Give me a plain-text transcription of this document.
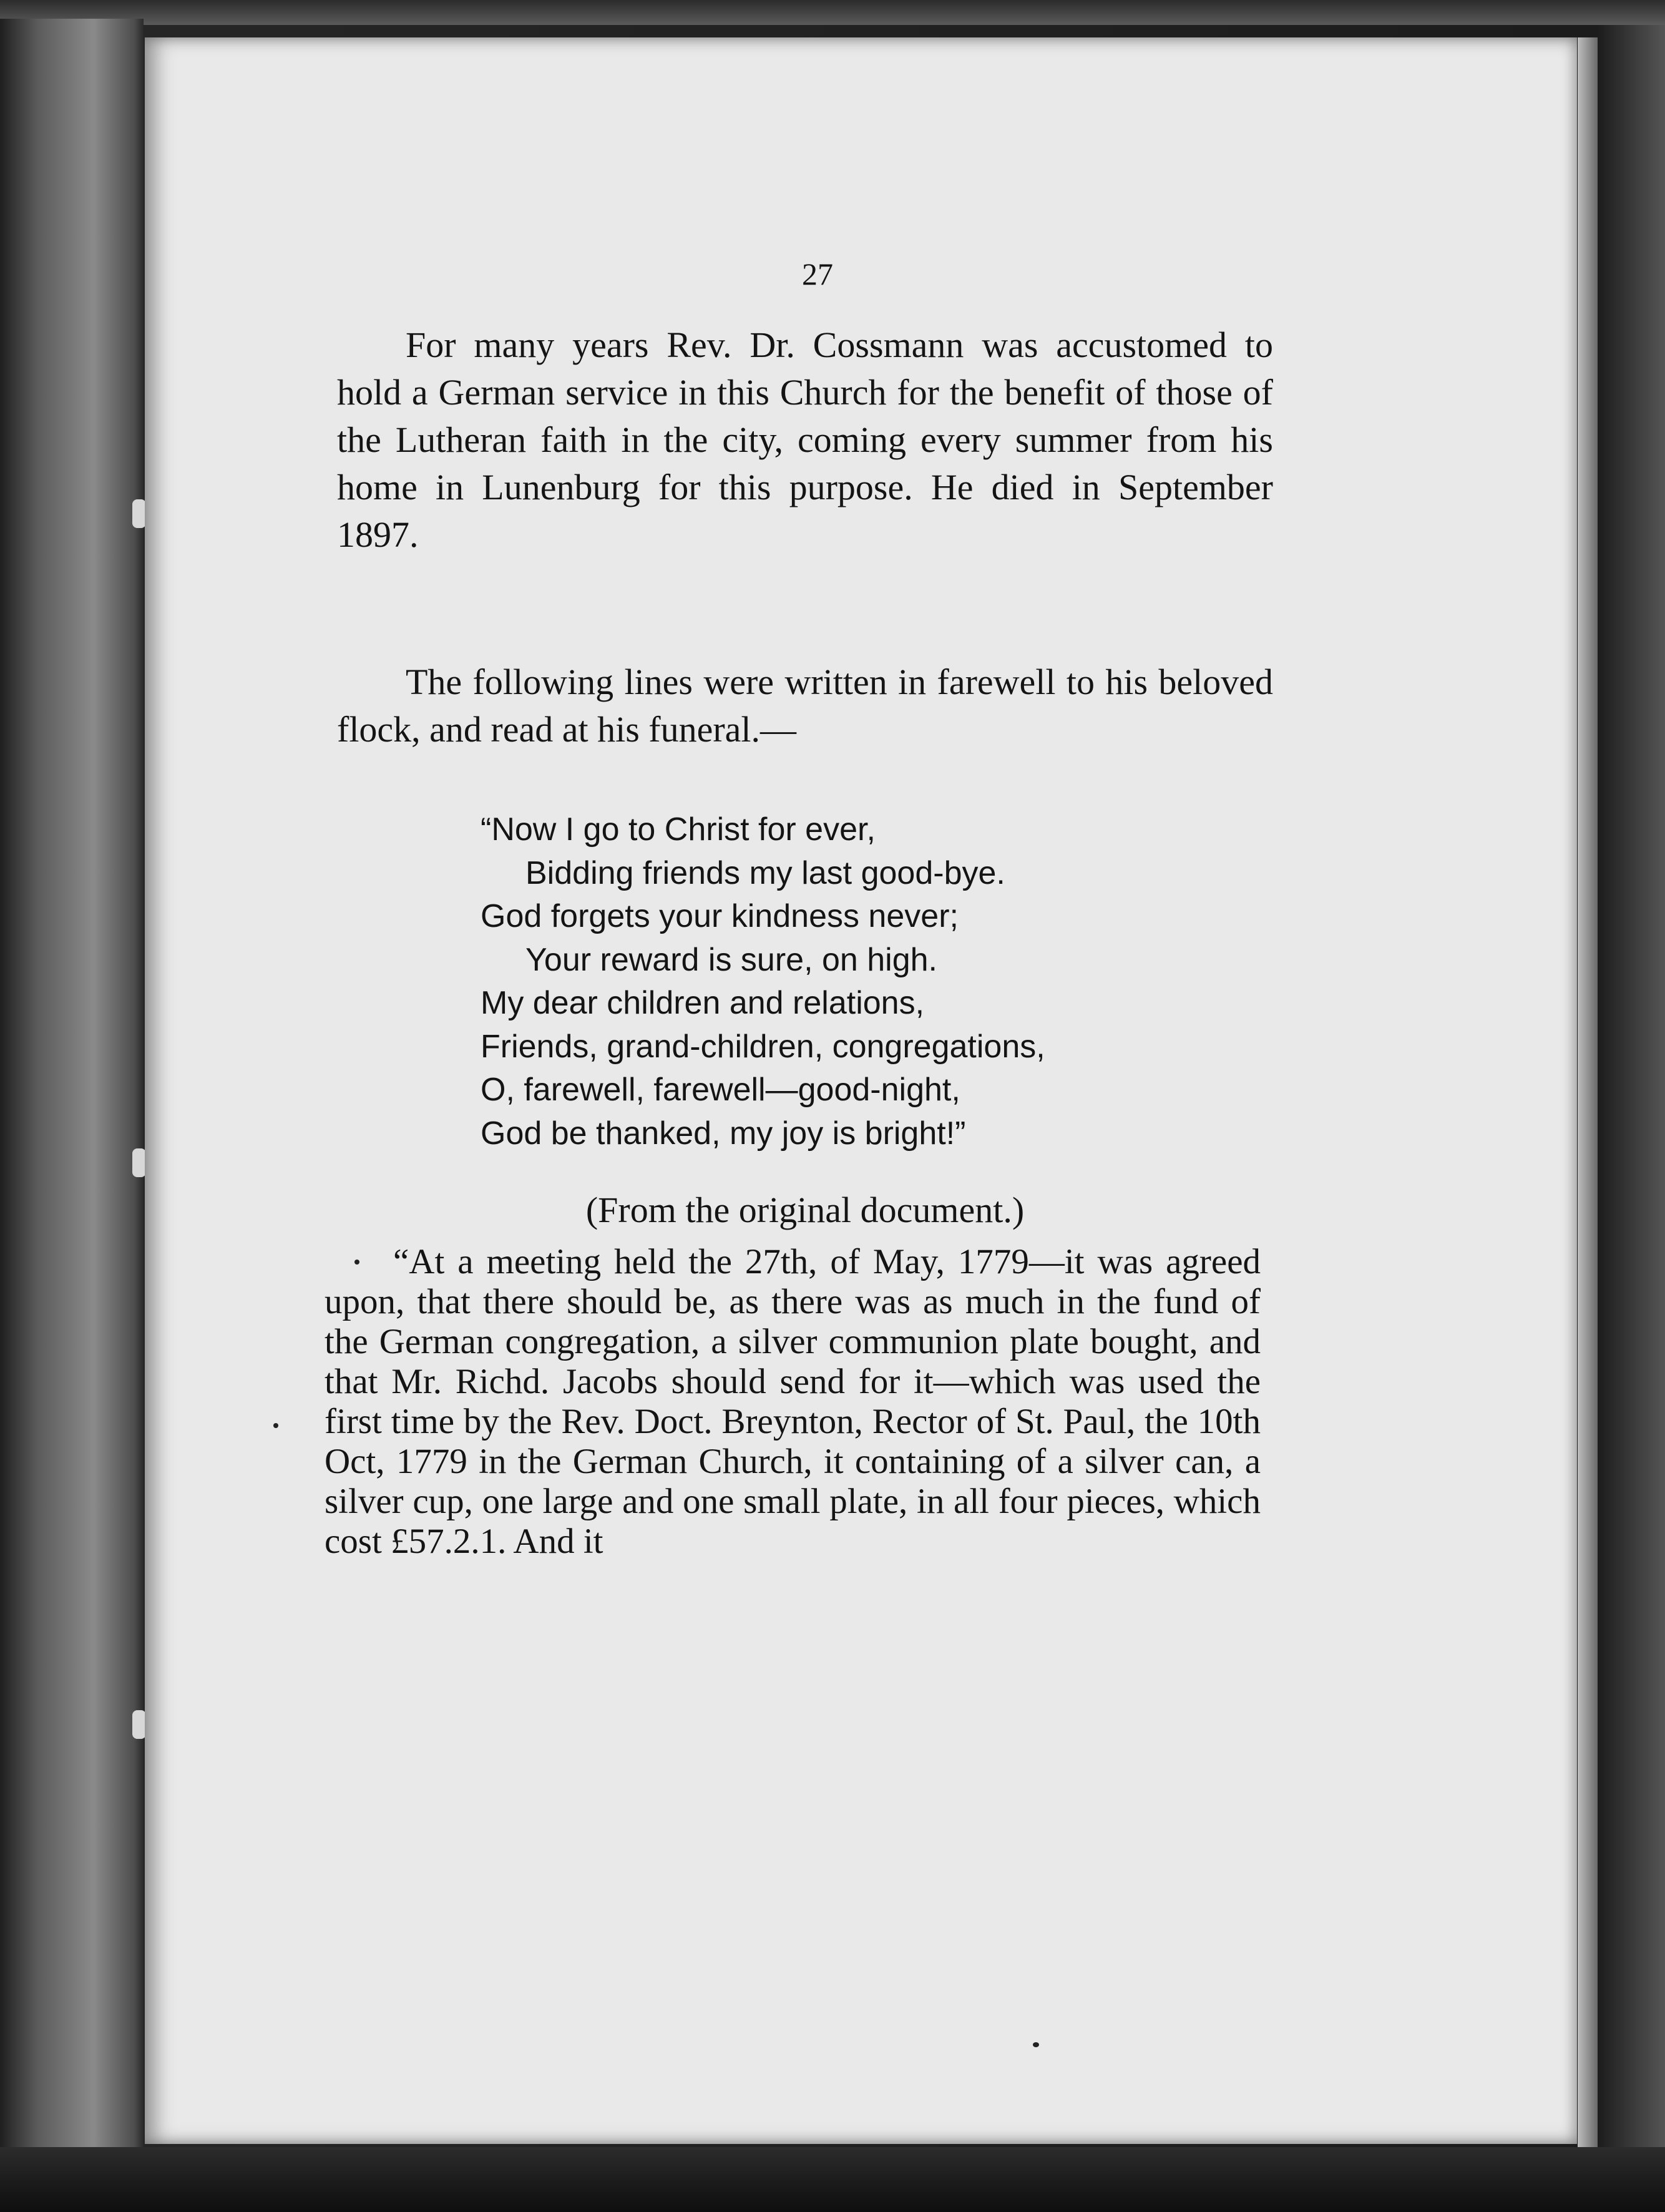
27

For many years Rev. Dr. Cossmann was accustomed to hold a German service in this Church for the benefit of those of the Lutheran faith in the city, coming every summer from his home in Lunenburg for this purpose. He died in September 1897.

The following lines were written in farewell to his beloved flock, and read at his funeral.—

“Now I go to Christ for ever,
Bidding friends my last good-bye.
God forgets your kindness never;
Your reward is sure, on high.
My dear children and relations,
Friends, grand-children, congregations,
O, farewell, farewell—good-night,
God be thanked, my joy is bright!”
(From the original document.)

“At a meeting held the 27th, of May, 1779—it was agreed upon, that there should be, as there was as much in the fund of the German congregation, a silver communion plate bought, and that Mr. Richd. Jacobs should send for it—which was used the first time by the Rev. Doct. Breynton, Rector of St. Paul, the 10th Oct, 1779 in the German Church, it containing of a silver can, a silver cup, one large and one small plate, in all four pieces, which cost £57.2.1. And it
